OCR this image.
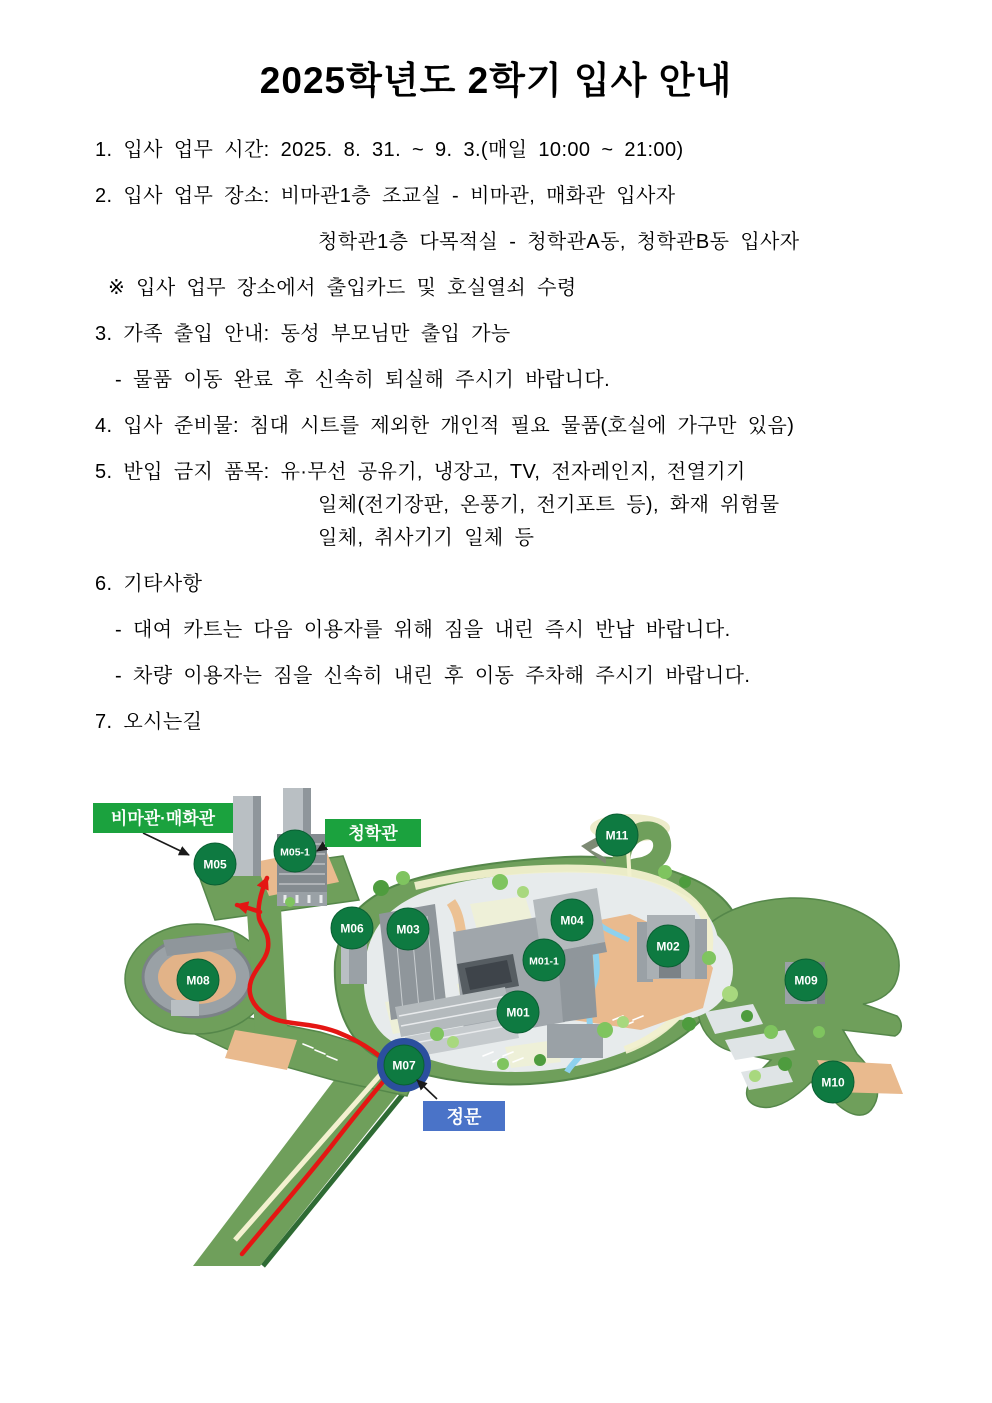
2025학년도 2학기 입사 안내
1. 입사 업무 시간: 2025. 8. 31. ~ 9. 3.(매일 10:00 ~ 21:00)
2. 입사 업무 장소: 비마관1층 조교실 - 비마관, 매화관 입사자
청학관1층 다목적실 - 청학관A동, 청학관B동 입사자
※ 입사 업무 장소에서 출입카드 및 호실열쇠 수령
3. 가족 출입 안내: 동성 부모님만 출입 가능
- 물품 이동 완료 후 신속히 퇴실해 주시기 바랍니다.
4. 입사 준비물: 침대 시트를 제외한 개인적 필요 물품(호실에 가구만 있음)
5. 반입 금지 품목: 유·무선 공유기, 냉장고, TV, 전자레인지, 전열기기
일체(전기장판, 온풍기, 전기포트 등), 화재 위험물
일체, 취사기기 일체 등
6. 기타사항
- 대여 카트는 다음 이용자를 위해 짐을 내린 즉시 반납 바랍니다.
- 차량 이용자는 짐을 신속히 내린 후 이동 주차해 주시기 바랍니다.
7. 오시는길
M05
M05-1
M11
M06	M03
M04
M02
M01-1
M01
M08	M09
M10
M07
비마관·매화관
청학관
정문
